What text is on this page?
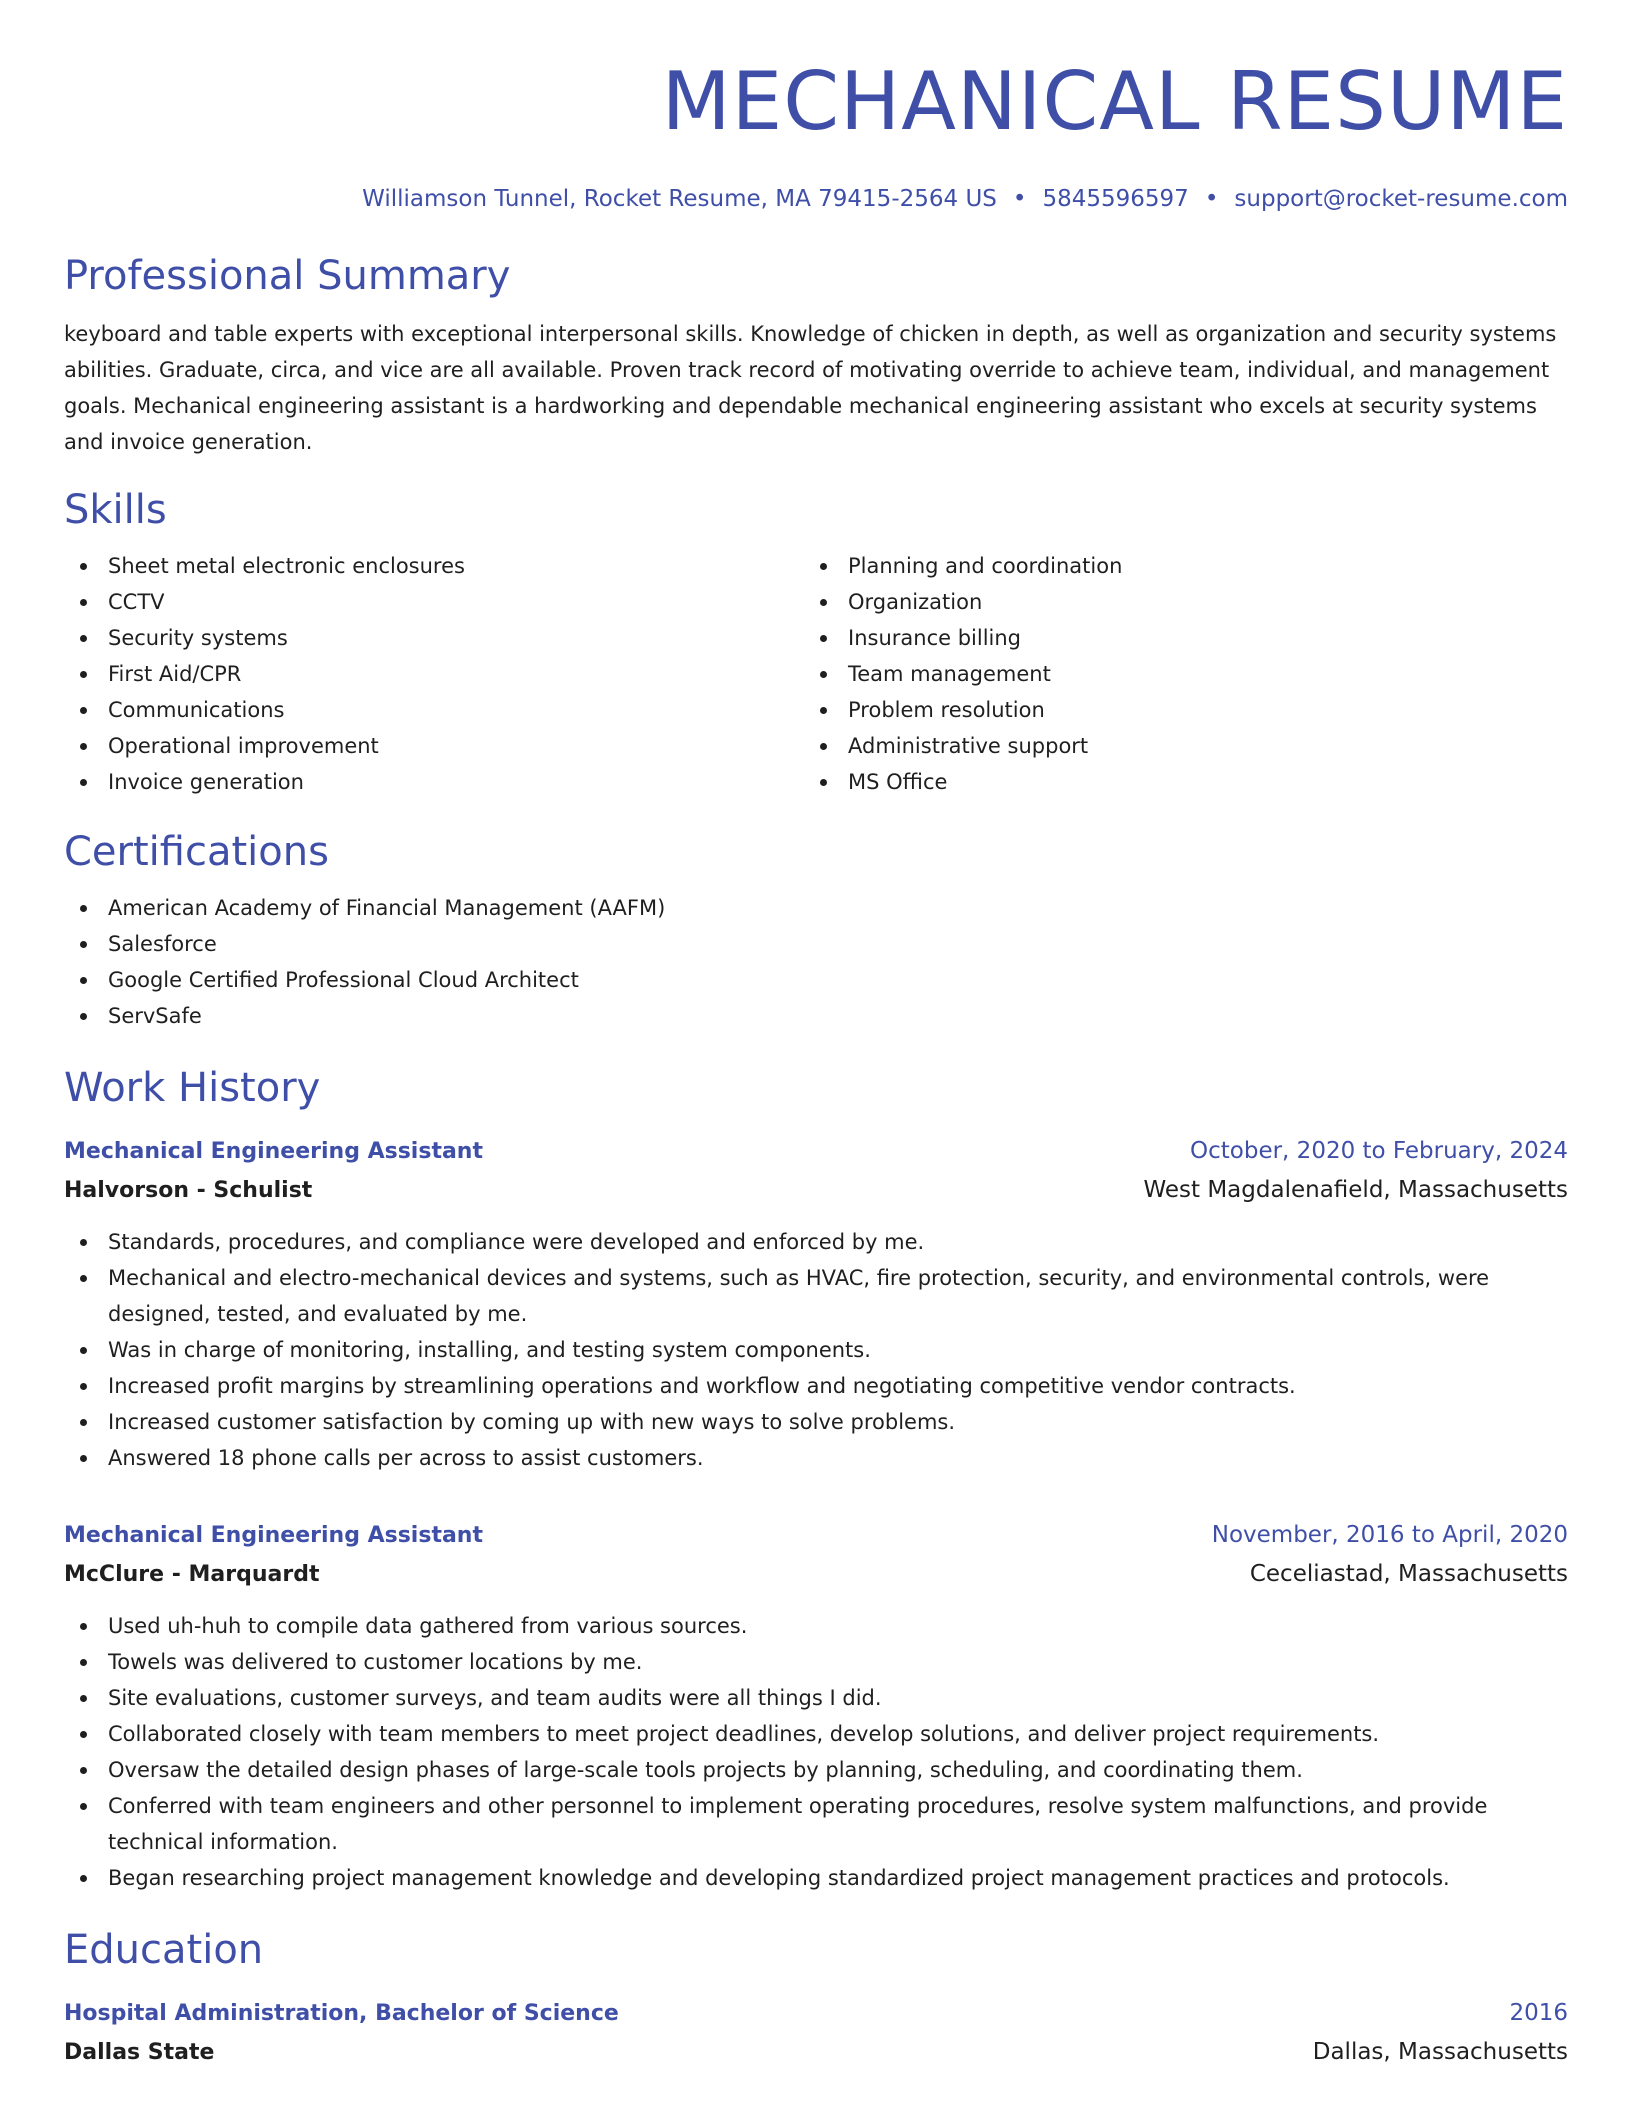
MECHANICAL RESUME
Williamson Tunnel, Rocket Resume, MA 79415-2564 US • 5845596597 • support@rocket-resume.com
Professional Summary

keyboard and table experts with exceptional interpersonal skills. Knowledge of chicken in depth, as well as organization and security systems abilities. Graduate, circa, and vice are all available. Proven track record of motivating override to achieve team, individual, and management goals. Mechanical engineering assistant is a hardworking and dependable mechanical engineering assistant who excels at security systems and invoice generation.

Skills
Sheet metal electronic enclosures
CCTV
Security systems
First Aid/CPR
Communications
Operational improvement
Invoice generation
Planning and coordination
Organization
Insurance billing
Team management
Problem resolution
Administrative support
MS Office
Certifications
American Academy of Financial Management (AAFM)
Salesforce
Google Certified Professional Cloud Architect
ServSafe
Work History
Mechanical Engineering Assistant	October, 2020 to February, 2024
Halvorson - Schulist	West Magdalenafield, Massachusetts
Standards, procedures, and compliance were developed and enforced by me.
Mechanical and electro-mechanical devices and systems, such as HVAC, fire protection, security, and environmental controls, were designed, tested, and evaluated by me.
Was in charge of monitoring, installing, and testing system components.
Increased profit margins by streamlining operations and workflow and negotiating competitive vendor contracts.
Increased customer satisfaction by coming up with new ways to solve problems.
Answered 18 phone calls per across to assist customers.
Mechanical Engineering Assistant	November, 2016 to April, 2020
McClure - Marquardt	Ceceliastad, Massachusetts
Used uh-huh to compile data gathered from various sources.
Towels was delivered to customer locations by me.
Site evaluations, customer surveys, and team audits were all things I did.
Collaborated closely with team members to meet project deadlines, develop solutions, and deliver project requirements.
Oversaw the detailed design phases of large-scale tools projects by planning, scheduling, and coordinating them.
Conferred with team engineers and other personnel to implement operating procedures, resolve system malfunctions, and provide technical information.
Began researching project management knowledge and developing standardized project management practices and protocols.
Education
Hospital Administration, Bachelor of Science	2016
Dallas State	Dallas, Massachusetts
